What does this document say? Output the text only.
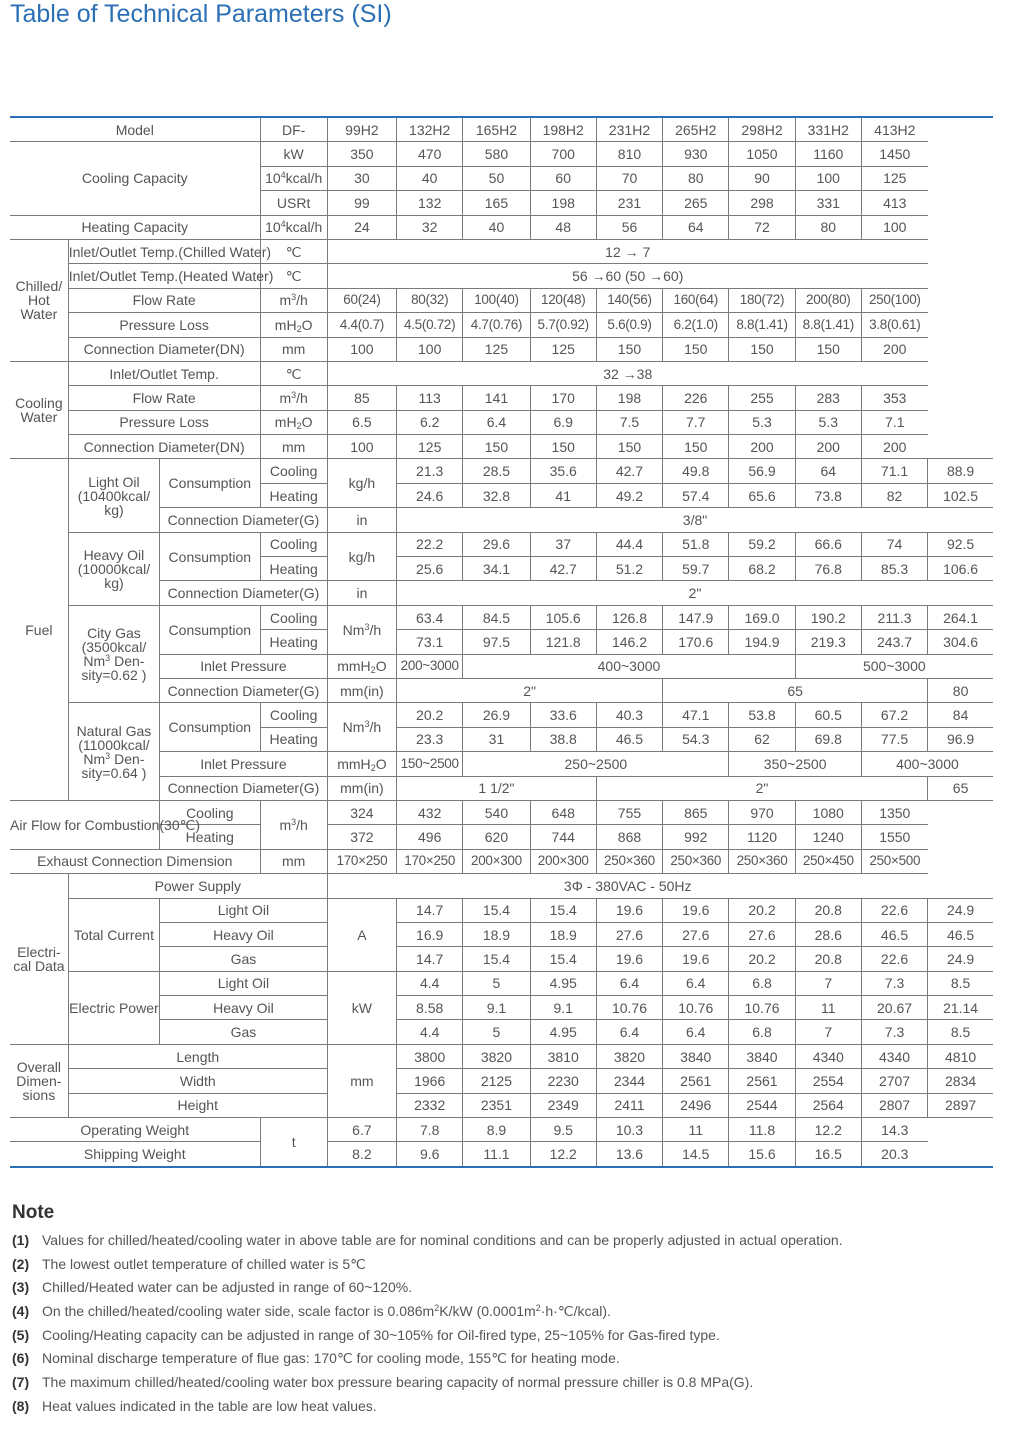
Table of Technical Parameters (SI)
Model			DF-	99H2	132H2	165H2	198H2	231H2	265H2	298H2	331H2	413H2	
Cooling Capacity			kW	350	470	580	700	810	930	1050	1160	1450	
			$10^4kcal/h$	30	40	50	60	70	80	90	100	125	
			USRt	99	132	165	198	231	265	298	331	413	
Heating Capacity			$10^4kcal/h$	24	32	40	48	56	64	72	80	100	
Chilled/ Hot Water	Inlet/Outlet Temp.(Chilled Water)		℃	12 → 7									
	Inlet/Outlet Temp.(Heated Water)		℃	56 →60 (50 →60)									
	Flow Rate		$m^3/h$	60(24)	80(32)	100(40)	120(48)	140(56)	160(64)	180(72)	200(80)	250(100)	
	Pressure Loss		$mH_2O$	4.4(0.7)	4.5(0.72)	4.7(0.76)	5.7(0.92)	5.6(0.9)	6.2(1.0)	8.8(1.41)	8.8(1.41)	3.8(0.61)	
	Connection Diameter(DN)		mm	100	100	125	125	150	150	150	150	200	
Cooling Water	Inlet/Outlet Temp.		℃	32 →38									
	Flow Rate		$m^3/h$	85	113	141	170	198	226	255	283	353	
	Pressure Loss		$mH_2O$	6.5	6.2	6.4	6.9	7.5	7.7	5.3	5.3	7.1	
	Connection Diameter(DN)		mm	100	125	150	150	150	150	200	200	200	
Fuel	Light Oil (10400kcal/ kg)	Consumption	Cooling	kg/h	21.3	28.5	35.6	42.7	49.8	56.9	64	71.1	88.9
			Heating		24.6	32.8	41	49.2	57.4	65.6	73.8	82	102.5
		Connection Diameter(G)		in	3/8"								
	Heavy Oil (10000kcal/ kg)	Consumption	Cooling	kg/h	22.2	29.6	37	44.4	51.8	59.2	66.6	74	92.5
			Heating		25.6	34.1	42.7	51.2	59.7	68.2	76.8	85.3	106.6
		Connection Diameter(G)		in	2"								
	City Gas (3500kcal/ Nm$^3$ Den-sity=0.62 )	Consumption	Cooling	Nm$^3$/h	63.4	84.5	105.6	126.8	147.9	169.0	190.2	211.3	264.1
			Heating		73.1	97.5	121.8	146.2	170.6	194.9	219.3	243.7	304.6
		Inlet Pressure		mmH$_2$O	200~3000	400~3000					500~3000		
		Connection Diameter(G)		mm(in)	2"				65				80
	Natural Gas (11000kcal/ Nm$^3$ Den-sity=0.64 )	Consumption	Cooling	Nm$^3$/h	20.2	26.9	33.6	40.3	47.1	53.8	60.5	67.2	84
			Heating		23.3	31	38.8	46.5	54.3	62	69.8	77.5	96.9
		Inlet Pressure		mmH$_2$O	150~2500	250~2500				350~2500		400~3000	
		Connection Diameter(G)		mm(in)	1 1/2"			2"					65
Air Flow for Combustion(30℃)		Cooling	$m^3/h$	324	432	540	648	755	865	970	1080	1350	
		Heating		372	496	620	744	868	992	1120	1240	1550	
Exhaust Connection Dimension			mm	170×250	170×250	200×300	200×300	250×360	250×360	250×360	250×450	250×500	
Electri- cal Data	Power Supply			3Φ - 380VAC - 50Hz									
	Total Current	Light Oil		A	14.7	15.4	15.4	19.6	19.6	20.2	20.8	22.6	24.9
		Heavy Oil			16.9	18.9	18.9	27.6	27.6	27.6	28.6	46.5	46.5
		Gas			14.7	15.4	15.4	19.6	19.6	20.2	20.8	22.6	24.9
	Electric Power	Light Oil		kW	4.4	5	4.95	6.4	6.4	6.8	7	7.3	8.5
		Heavy Oil			8.58	9.1	9.1	10.76	10.76	10.76	11	20.67	21.14
		Gas			4.4	5	4.95	6.4	6.4	6.8	7	7.3	8.5
Overall Dimen- sions	Length			mm	3800	3820	3810	3820	3840	3840	4340	4340	4810
	Width				1966	2125	2230	2344	2561	2561	2554	2707	2834
	Height				2332	2351	2349	2411	2496	2544	2564	2807	2897
Operating Weight			t	6.7	7.8	8.9	9.5	10.3	11	11.8	12.2	14.3	
Shipping Weight				8.2	9.6	11.1	12.2	13.6	14.5	15.6	16.5	20.3	
Note
(1) Values for chilled/heated/cooling water in above table are for nominal conditions and can be properly adjusted in actual operation.
(2) The lowest outlet temperature of chilled water is 5℃
(3) Chilled/Heated water can be adjusted in range of 60~120%.
(4) On the chilled/heated/cooling water side, scale factor is $0.086m^2K/kW$ $(0.0001m^2\cdot h\cdot℃/kcal)$.
(5) Cooling/Heating capacity can be adjusted in range of 30~105% for Oil-fired type, 25~105% for Gas-fired type.
(6) Nominal discharge temperature of flue gas: 170℃ for cooling mode, 155℃ for heating mode.
(7) The maximum chilled/heated/cooling water box pressure bearing capacity of normal pressure chiller is 0.8 MPa(G).
(8) Heat values indicated in the table are low heat values.
